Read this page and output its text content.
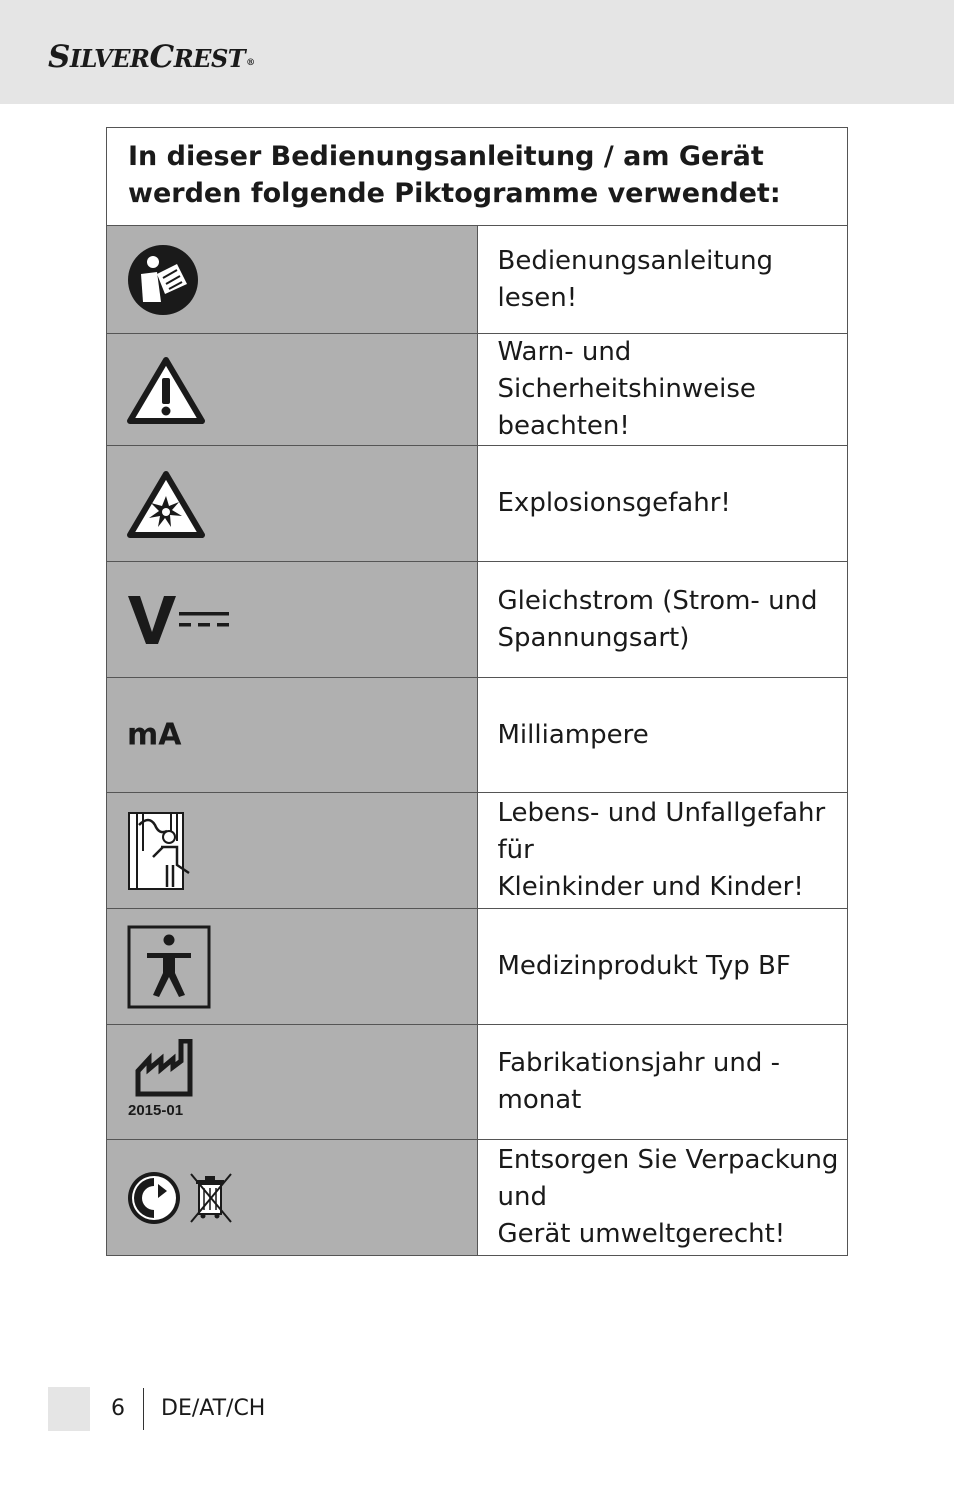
SILVERCREST®
In dieser Bedienungsanleitung / am Gerät
werden folgende Piktogramme verwendet:	

Bedienungsanleitung lesen!

Warn- und Sicherheitshinweise beachten!

Explosionsgefahr!

Gleichstrom (Strom- und Spannungsart)

mA	Milliampere

Lebens- und Unfallgefahr für
Kleinkinder und Kinder!

Medizinprodukt Typ BF

2015-01	Fabrikationsjahr und -monat

Entsorgen Sie Verpackung und
Gerät umweltgerecht!
6 DE/AT/CH
